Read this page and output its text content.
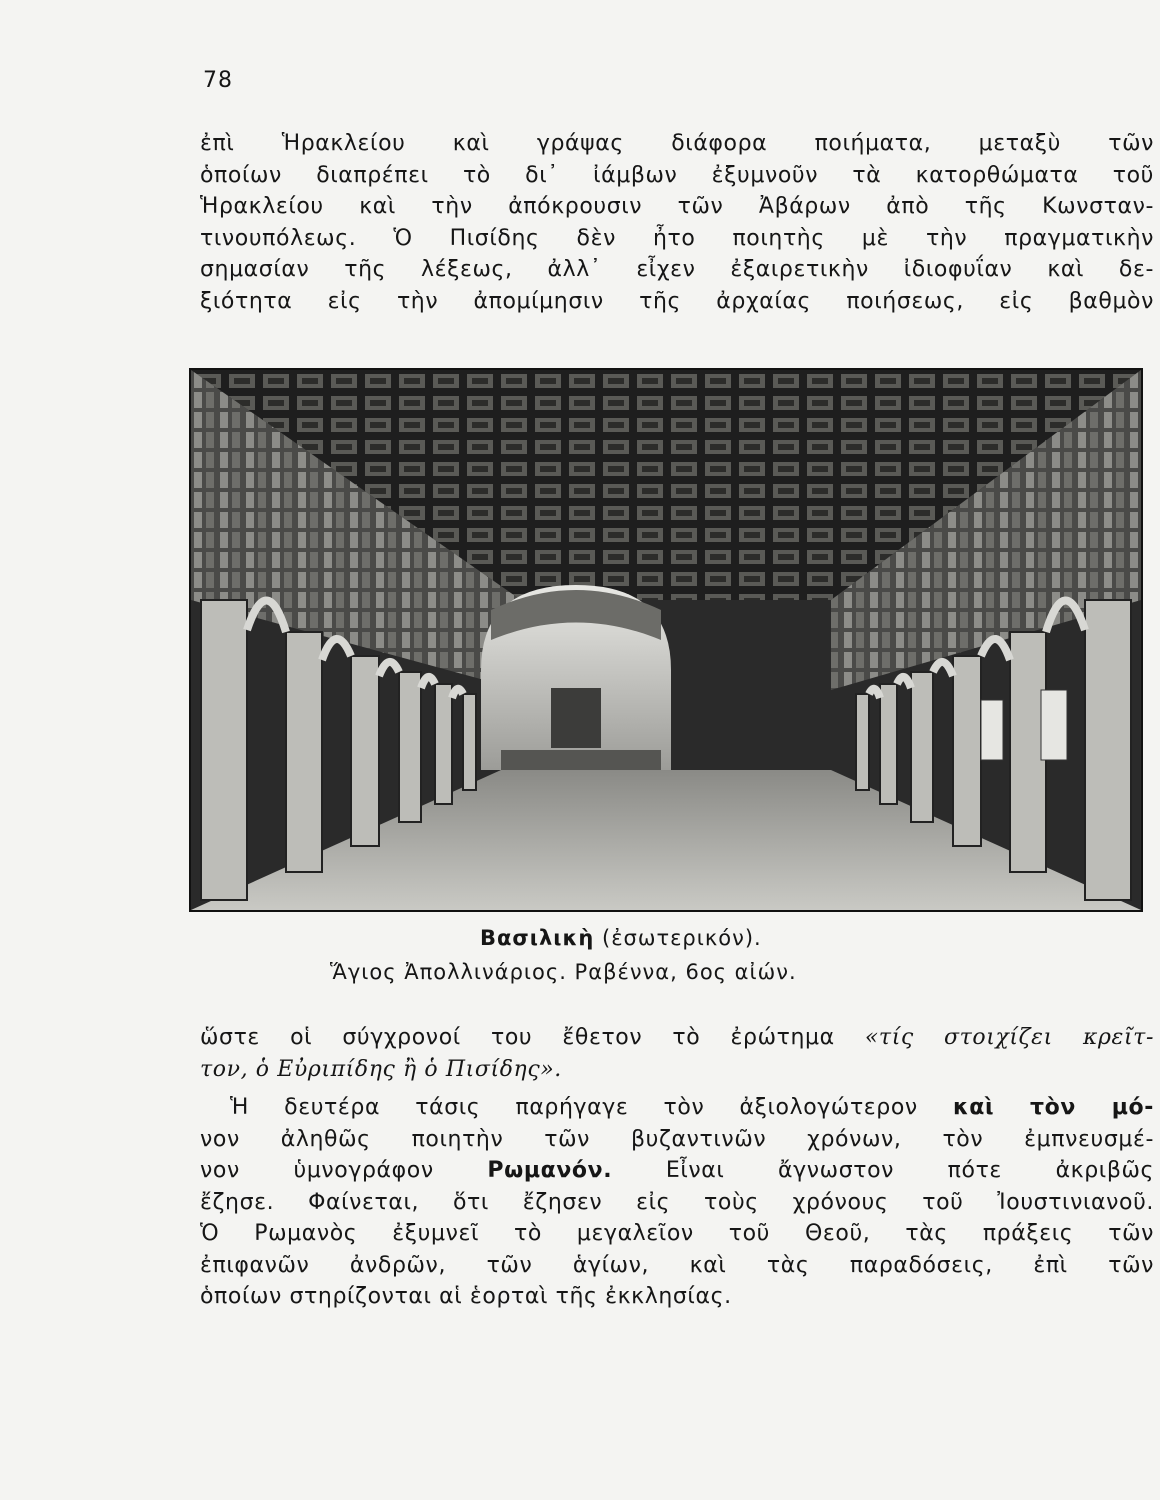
78

ἐπὶ Ἡρακλείου καὶ γράψας διάφορα ποιήματα, μεταξὺ τῶν
ὁποίων διαπρέπει τὸ δι᾽ ἰάμβων ἐξυμνοῦν τὰ κατορθώματα τοῦ
Ἡρακλείου καὶ τὴν ἀπόκρουσιν τῶν Ἀβάρων ἀπὸ τῆς Κωνσταν-
τινουπόλεως. Ὁ Πισίδης δὲν ἦτο ποιητὴς μὲ τὴν πραγματικὴν
σημασίαν τῆς λέξεως, ἀλλ᾽ εἶχεν ἐξαιρετικὴν ἰδιοφυΐαν καὶ δε-
ξιότητα εἰς τὴν ἀπομίμησιν τῆς ἀρχαίας ποιήσεως, εἰς βαθμὸν

Βασιλικὴ (ἐσωτερικόν).
Ἅγιος Ἀπολλινάριος. Ραβέννα, 6ος αἰών.

ὥστε οἱ σύγχρονοί του ἔθετον τὸ ἐρώτημα «τίς στοιχίζει κρεῖτ-
τον, ὁ Εὐριπίδης ἢ ὁ Πισίδης».

Ἡ δευτέρα τάσις παρήγαγε τὸν ἀξιολογώτερον καὶ τὸν μό-
νον ἀληθῶς ποιητὴν τῶν βυζαντινῶν χρόνων, τὸν ἐμπνευσμέ-
νον ὑμνογράφον Ρωμανόν. Εἶναι ἄγνωστον πότε ἀκριβῶς
ἔζησε. Φαίνεται, ὅτι ἔζησεν εἰς τοὺς χρόνους τοῦ Ἰουστινιανοῦ.
Ὁ Ρωμανὸς ἐξυμνεῖ τὸ μεγαλεῖον τοῦ Θεοῦ, τὰς πράξεις τῶν
ἐπιφανῶν ἀνδρῶν, τῶν ἁγίων, καὶ τὰς παραδόσεις, ἐπὶ τῶν
ὁποίων στηρίζονται αἱ ἑορταὶ τῆς ἐκκλησίας.
